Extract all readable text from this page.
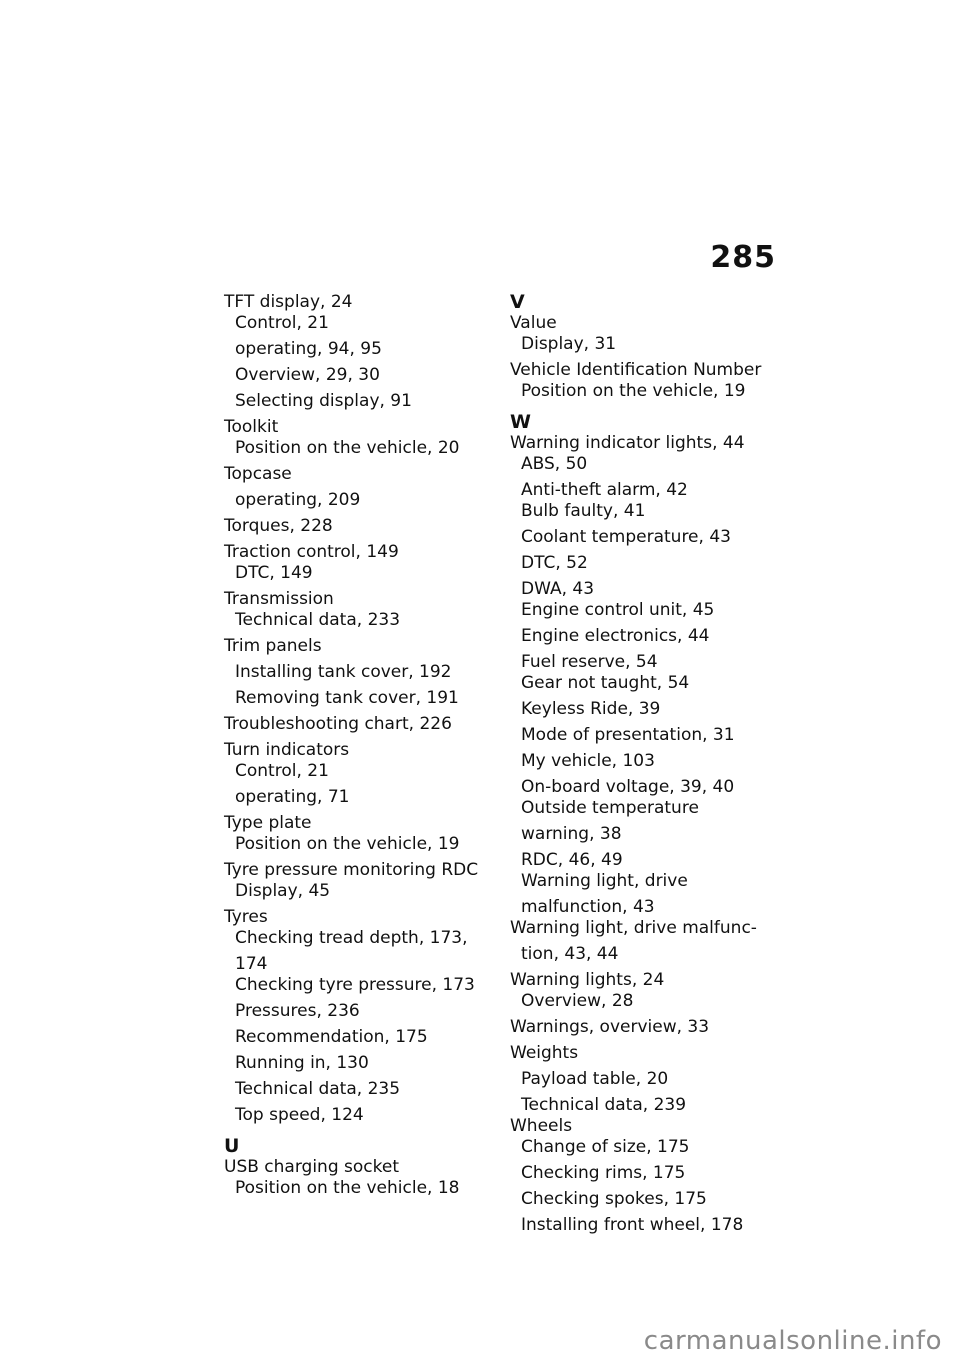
285
TFT display, 24
Control, 21
operating, 94, 95
Overview, 29, 30
Selecting display, 91
Toolkit
Position on the vehicle, 20
Topcase
operating, 209
Torques, 228
Traction control, 149
DTC, 149
Transmission
Technical data, 233
Trim panels
Installing tank cover, 192
Removing tank cover, 191
Troubleshooting chart, 226
Turn indicators
Control, 21
operating, 71
Type plate
Position on the vehicle, 19
Tyre pressure monitoring RDC
Display, 45
Tyres
Checking tread depth, 173,
174
Checking tyre pressure, 173
Pressures, 236
Recommendation, 175
Running in, 130
Technical data, 235
Top speed, 124
U
USB charging socket
Position on the vehicle, 18
V
Value
Display, 31
Vehicle Identification Number
Position on the vehicle, 19
W
Warning indicator lights, 44
ABS, 50
Anti-theft alarm, 42
Bulb faulty, 41
Coolant temperature, 43
DTC, 52
DWA, 43
Engine control unit, 45
Engine electronics, 44
Fuel reserve, 54
Gear not taught, 54
Keyless Ride, 39
Mode of presentation, 31
My vehicle, 103
On-board voltage, 39, 40
Outside temperature
warning, 38
RDC, 46, 49
Warning light, drive
malfunction, 43
Warning light, drive malfunc-
tion, 43, 44
Warning lights, 24
Overview, 28
Warnings, overview, 33
Weights
Payload table, 20
Technical data, 239
Wheels
Change of size, 175
Checking rims, 175
Checking spokes, 175
Installing front wheel, 178
carmanualsonline.info
